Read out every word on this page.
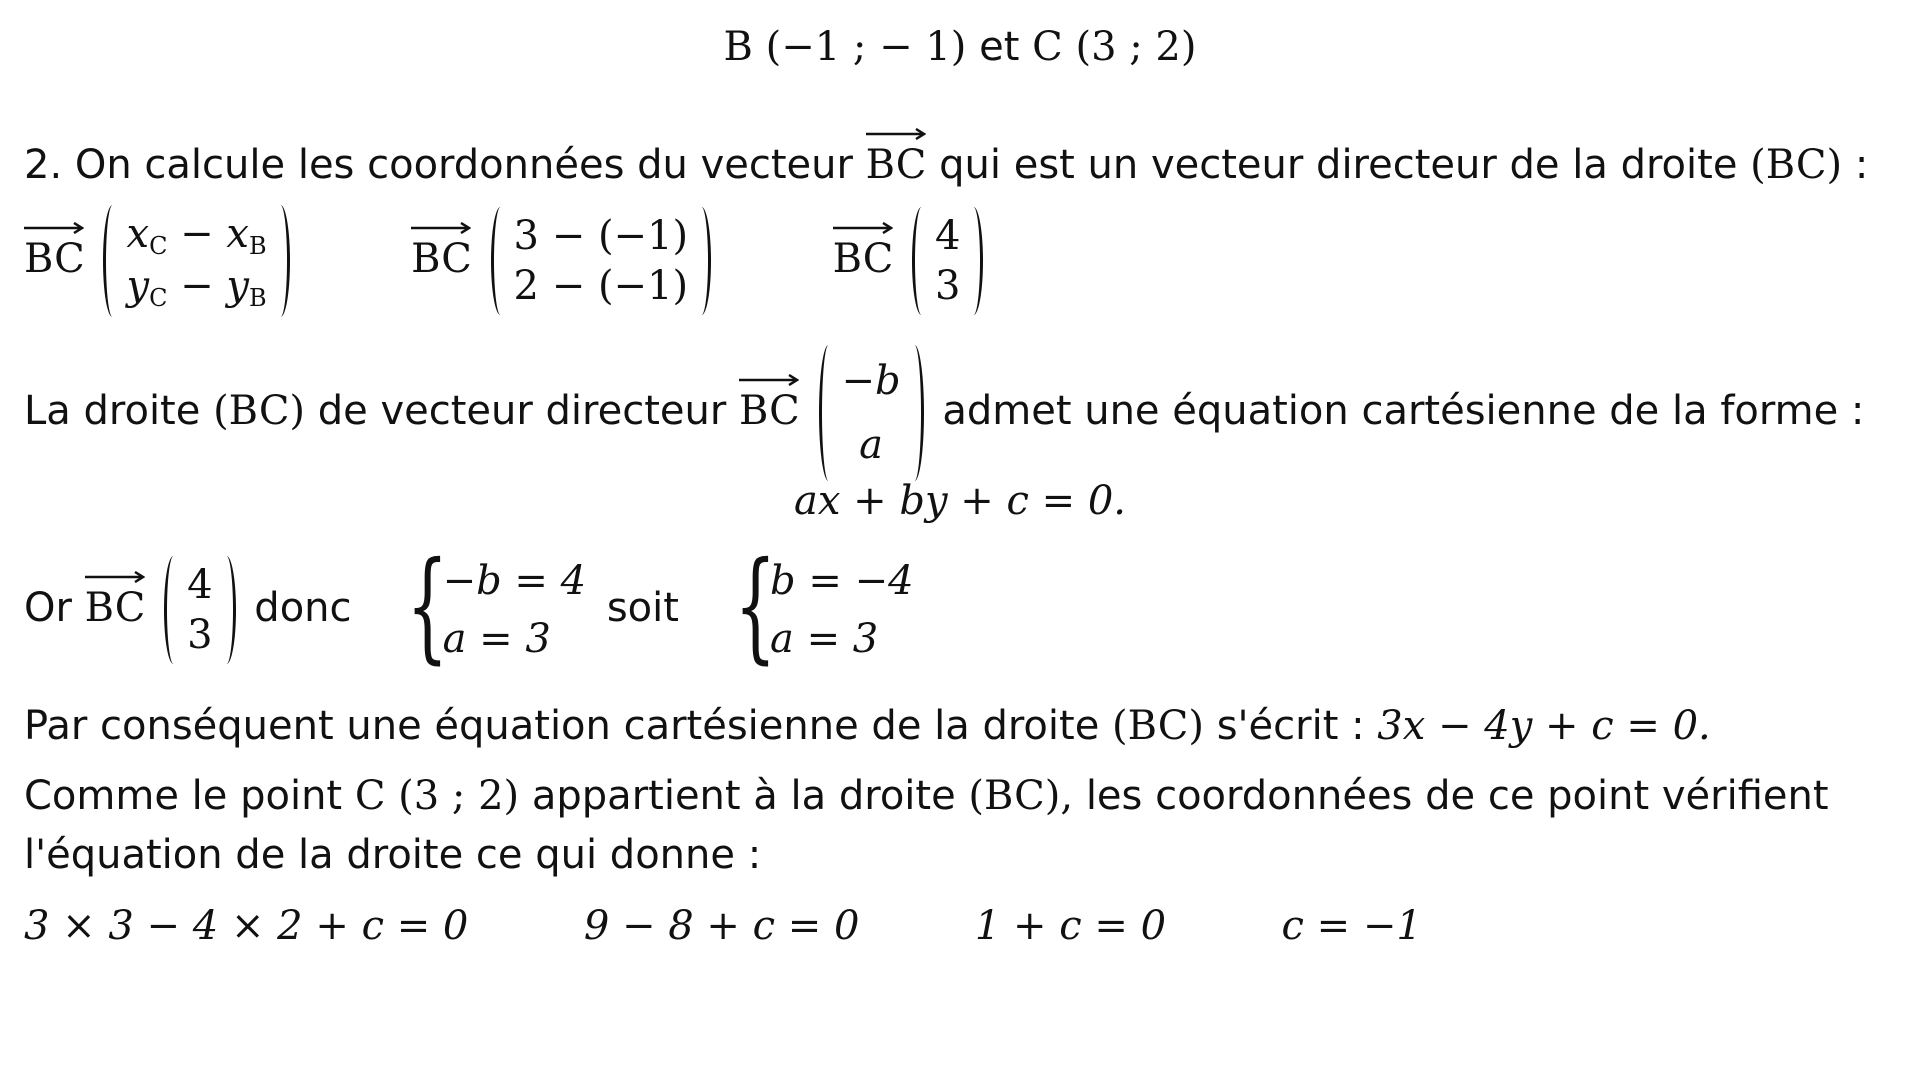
B (−1 ; − 1) et C (3 ; 2)
2. On calcule les coordonnées du vecteur BC qui est un vecteur directeur de la droite (BC) :
BC
$x_C - x_B$
$y_C - y_B$

BC 3 − (−1)
2 − (−1)

BC 4
3
La droite (BC) de vecteur directeur BC
−b
a
admet une équation cartésienne de la forme :
ax + by + c = 0.
Or BC 4
3
donc {
−b = 4
a = 3
soit {
b = −4
a = 3
Par conséquent une équation cartésienne de la droite (BC) s'écrit : 3x − 4y + c = 0.
Comme le point C (3 ; 2) appartient à la droite (BC), les coordonnées de ce point vérifient
l'équation de la droite ce qui donne :
3 × 3 − 4 × 2 + c = 0	9 − 8 + c = 0	1 + c = 0	c = −1
